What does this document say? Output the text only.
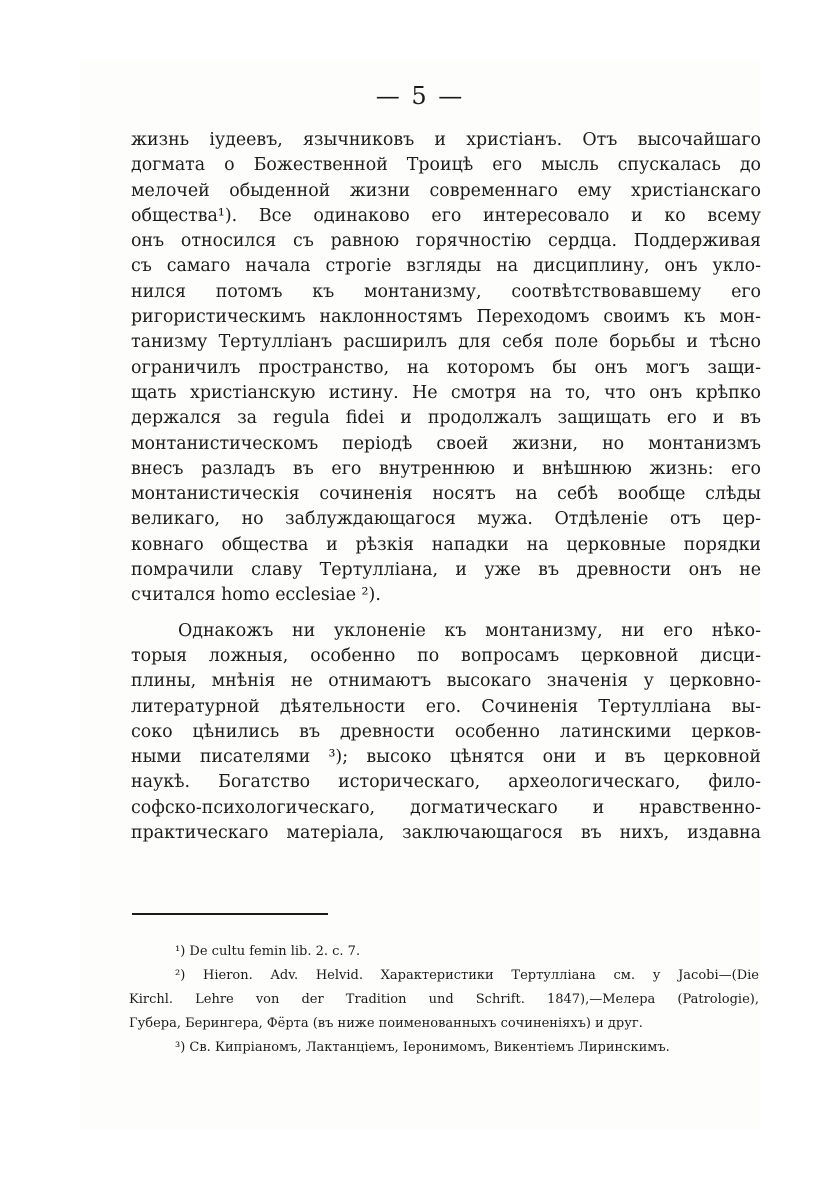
— 5 —
жизнь іудеевъ, язычниковъ и христіанъ. Отъ высочайшаго
догмата о Божественной Троицѣ его мысль спускалась до
мелочей обыденной жизни современнаго ему христіанскаго
общества¹). Все одинаково его интересовало и ко всему
онъ относился съ равною горячностію сердца. Поддерживая
съ самаго начала строгіе взгляды на дисциплину, онъ укло-
нился потомъ къ монтанизму, соотвѣтствовавшему его
ригористическимъ наклонностямъ Переходомъ своимъ къ мон-
танизму Тертулліанъ расширилъ для себя поле борьбы и тѣсно
ограничилъ пространство, на которомъ бы онъ могъ защи-
щать христіанскую истину. Не смотря на то, что онъ крѣпко
держался за regula fidei и продолжалъ защищать его и въ
монтанистическомъ періодѣ своей жизни, но монтанизмъ
внесъ разладъ въ его внутреннюю и внѣшнюю жизнь: его
монтанистическія сочиненія носятъ на себѣ вообще слѣды
великаго, но заблуждающагося мужа. Отдѣленіе отъ цер-
ковнаго общества и рѣзкія нападки на церковные порядки
помрачили славу Тертулліана, и уже въ древности онъ не
считался homo ecclesiae ²).
Однакожъ ни уклоненіе къ монтанизму, ни его нѣко-
торыя ложныя, особенно по вопросамъ церковной дисци-
плины, мнѣнія не отнимаютъ высокаго значенія у церковно-
литературной дѣятельности его. Сочиненія Тертулліана вы-
соко цѣнились въ древности особенно латинскими церков-
ными писателями ³); высоко цѣнятся они и въ церковной
наукѣ. Богатство историческаго, археологическаго, фило-
софско-психологическаго, догматическаго и нравственно-
практическаго матеріала, заключающагося въ нихъ, издавна
¹) De cultu femin lib. 2. c. 7.
²) Hieron. Adv. Helvid. Характеристики Тертулліана см. у Jacobi—(Die
Kirchl. Lehre von der Tradition und Schrift. 1847),—Мелера (Patrologie),
Губера, Берингера, Фёрта (въ ниже поименованныхъ сочиненіяхъ) и друг.
³) Св. Кипріаномъ, Лактанціемъ, Іеронимомъ, Викентіемъ Лиринскимъ.
